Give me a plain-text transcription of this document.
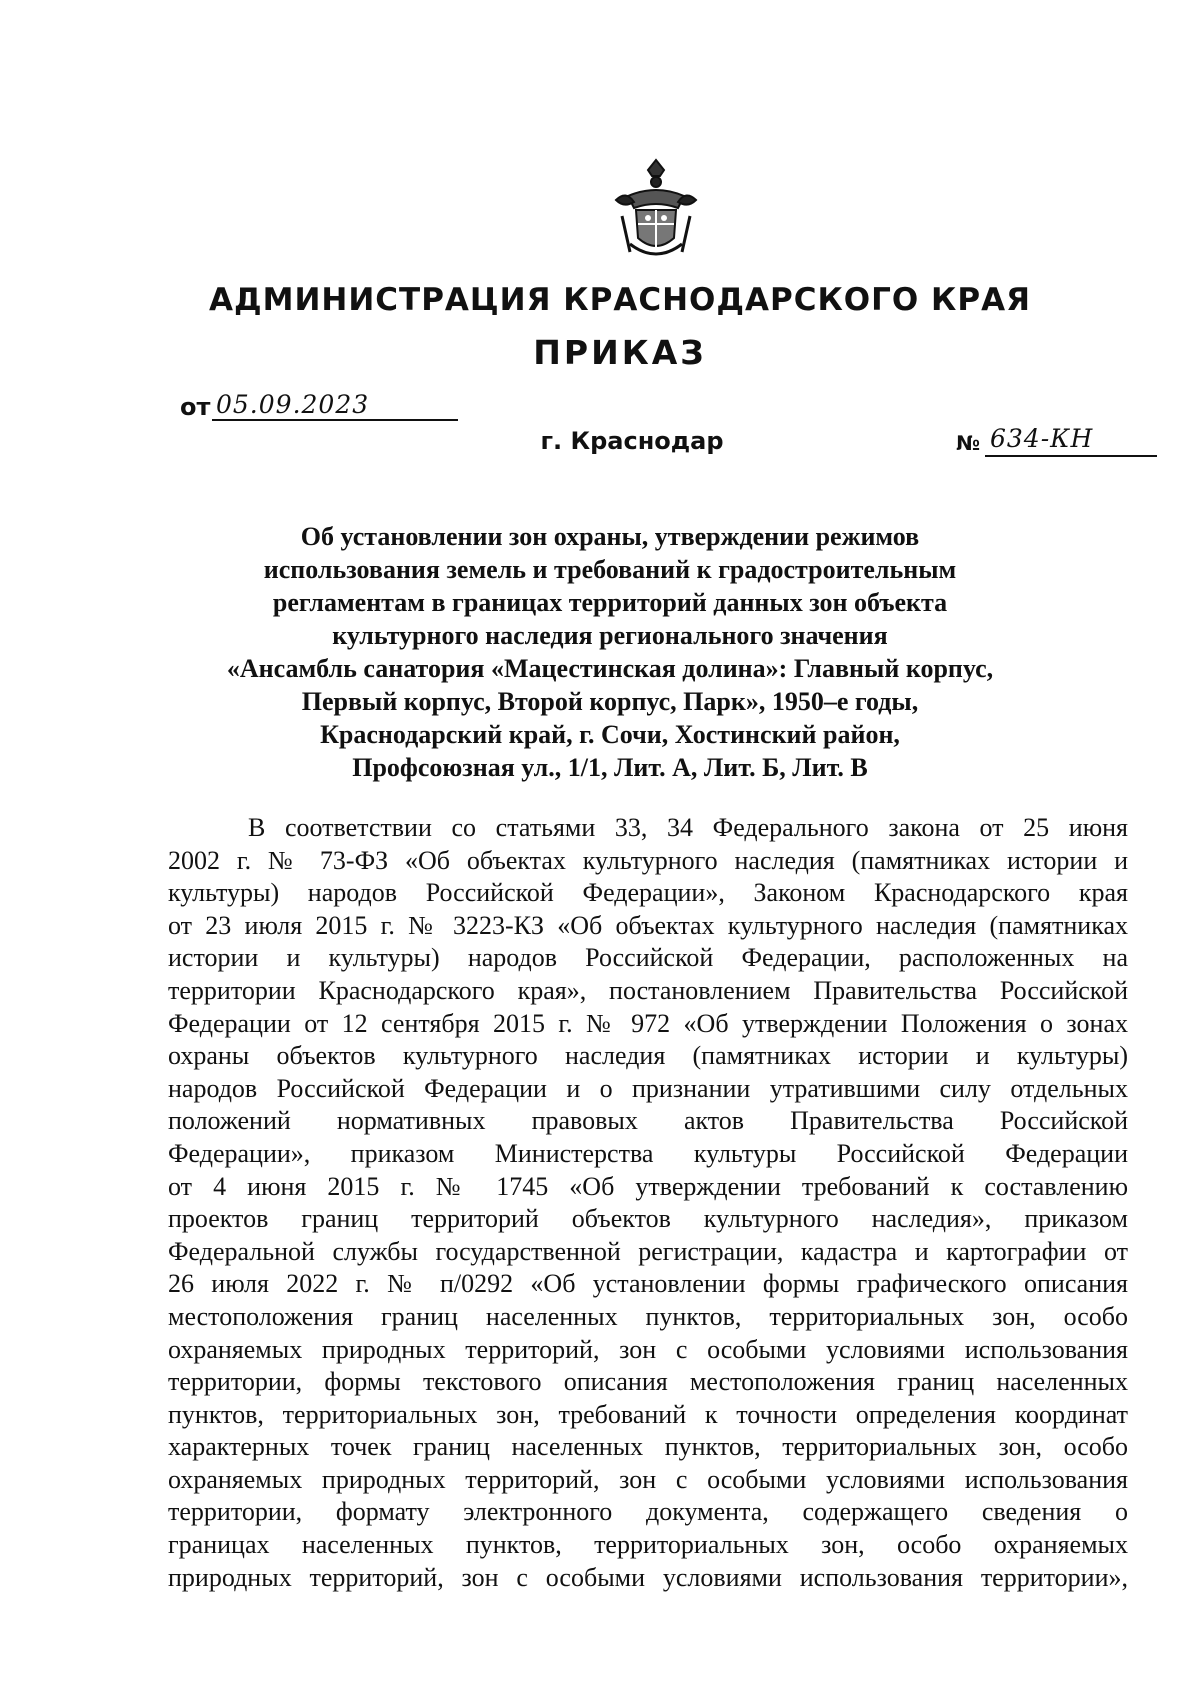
АДМИНИСТРАЦИЯ КРАСНОДАРСКОГО КРАЯ
ПРИКАЗ
от 05.09.2023
г. Краснодар	№ 634-КН
Об установлении зон охраны, утверждении режимов
использования земель и требований к градостроительным
регламентам в границах территорий данных зон объекта
культурного наследия регионального значения
«Ансамбль санатория «Мацестинская долина»: Главный корпус,
Первый корпус, Второй корпус, Парк», 1950–е годы,
Краснодарский край, г. Сочи, Хостинский район,
Профсоюзная ул., 1/1, Лит. А, Лит. Б, Лит. В
В соответствии со статьями 33, 34 Федерального закона от 25 июня
2002 г. № 73-ФЗ «Об объектах культурного наследия (памятниках истории и
культуры) народов Российской Федерации», Законом Краснодарского края
от 23 июля 2015 г. № 3223-КЗ «Об объектах культурного наследия (памятниках
истории и культуры) народов Российской Федерации, расположенных на
территории Краснодарского края», постановлением Правительства Российской
Федерации от 12 сентября 2015 г. № 972 «Об утверждении Положения о зонах
охраны объектов культурного наследия (памятниках истории и культуры)
народов Российской Федерации и о признании утратившими силу отдельных
положений нормативных правовых актов Правительства Российской
Федерации», приказом Министерства культуры Российской Федерации
от 4 июня 2015 г. № 1745 «Об утверждении требований к составлению
проектов границ территорий объектов культурного наследия», приказом
Федеральной службы государственной регистрации, кадастра и картографии от
26 июля 2022 г. № п/0292 «Об установлении формы графического описания
местоположения границ населенных пунктов, территориальных зон, особо
охраняемых природных территорий, зон с особыми условиями использования
территории, формы текстового описания местоположения границ населенных
пунктов, территориальных зон, требований к точности определения координат
характерных точек границ населенных пунктов, территориальных зон, особо
охраняемых природных территорий, зон с особыми условиями использования
территории, формату электронного документа, содержащего сведения о
границах населенных пунктов, территориальных зон, особо охраняемых
природных территорий, зон с особыми условиями использования территории»,
